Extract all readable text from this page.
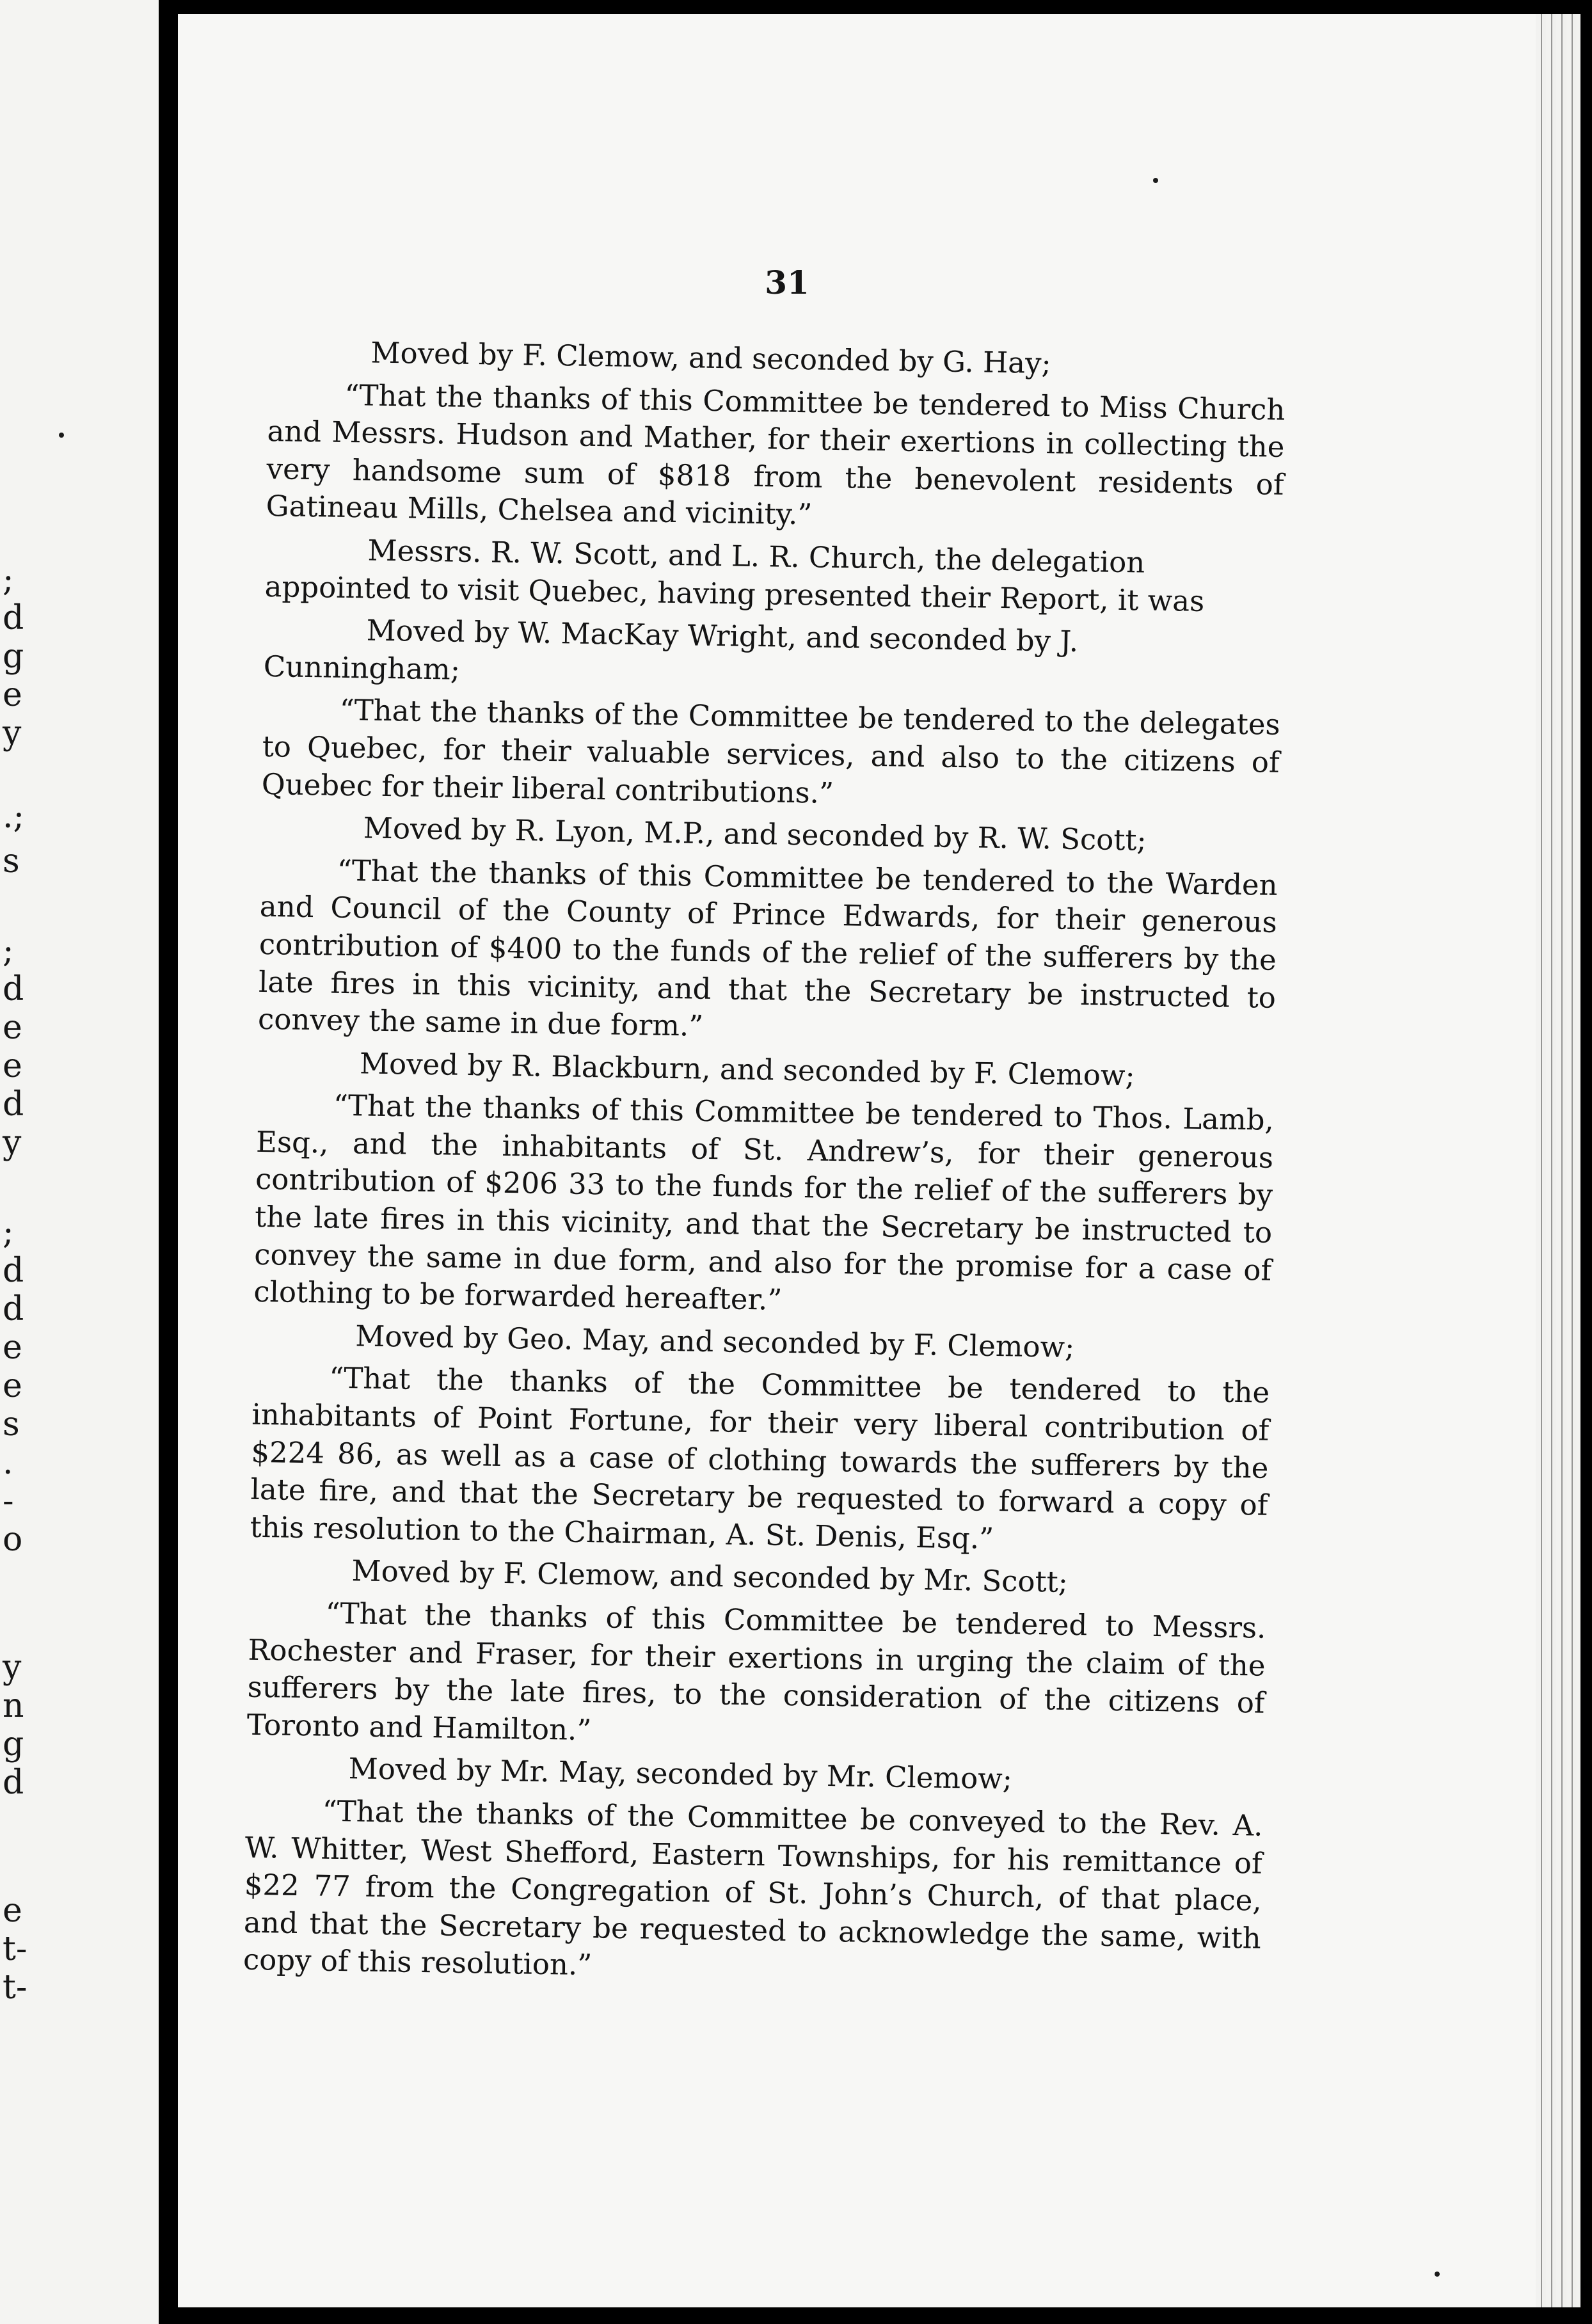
;
d
g
e
y
.;
s
;
d
e
e
d
y
;
d
d
e
e
s
.
-
o
y
n
g
d
e
t-
t-
31

Moved by F. Clemow, and seconded by G. Hay;

“That the thanks of this Committee be tendered to Miss Church and Messrs. Hudson and Mather, for their exertions in collecting the very handsome sum of $818 from the benevolent residents of Gatineau Mills, Chelsea and vicinity.”

Messrs. R. W. Scott, and L. R. Church, the delegation appointed to visit Quebec, having presented their Report, it was

Moved by W. MacKay Wright, and seconded by J. Cunningham;

“That the thanks of the Committee be tendered to the delegates to Quebec, for their valuable services, and also to the citizens of Quebec for their liberal contributions.”

Moved by R. Lyon, M.P., and seconded by R. W. Scott;

“That the thanks of this Committee be tendered to the Warden and Council of the County of Prince Edwards, for their generous contribution of $400 to the funds of the relief of the sufferers by the late fires in this vicinity, and that the Secretary be instructed to convey the same in due form.”

Moved by R. Blackburn, and seconded by F. Clemow;

“That the thanks of this Committee be tendered to Thos. Lamb, Esq., and the inhabitants of St. Andrew’s, for their generous contribution of $206 33 to the funds for the relief of the sufferers by the late fires in this vicinity, and that the Secretary be instructed to convey the same in due form, and also for the promise for a case of clothing to be forwarded hereafter.”

Moved by Geo. May, and seconded by F. Clemow;

“That the thanks of the Committee be tendered to the inhabitants of Point Fortune, for their very liberal contribution of $224 86, as well as a case of clothing towards the sufferers by the late fire, and that the Secretary be requested to forward a copy of this resolution to the Chairman, A. St. Denis, Esq.”

Moved by F. Clemow, and seconded by Mr. Scott;

“That the thanks of this Committee be tendered to Messrs. Rochester and Fraser, for their exertions in urging the claim of the sufferers by the late fires, to the consideration of the citizens of Toronto and Hamilton.”

Moved by Mr. May, seconded by Mr. Clemow;

“That the thanks of the Committee be conveyed to the Rev. A. W. Whitter, West Shefford, Eastern Townships, for his remittance of $22 77 from the Congregation of St. John’s Church, of that place, and that the Secretary be requested to acknowledge the same, with copy of this resolution.”
